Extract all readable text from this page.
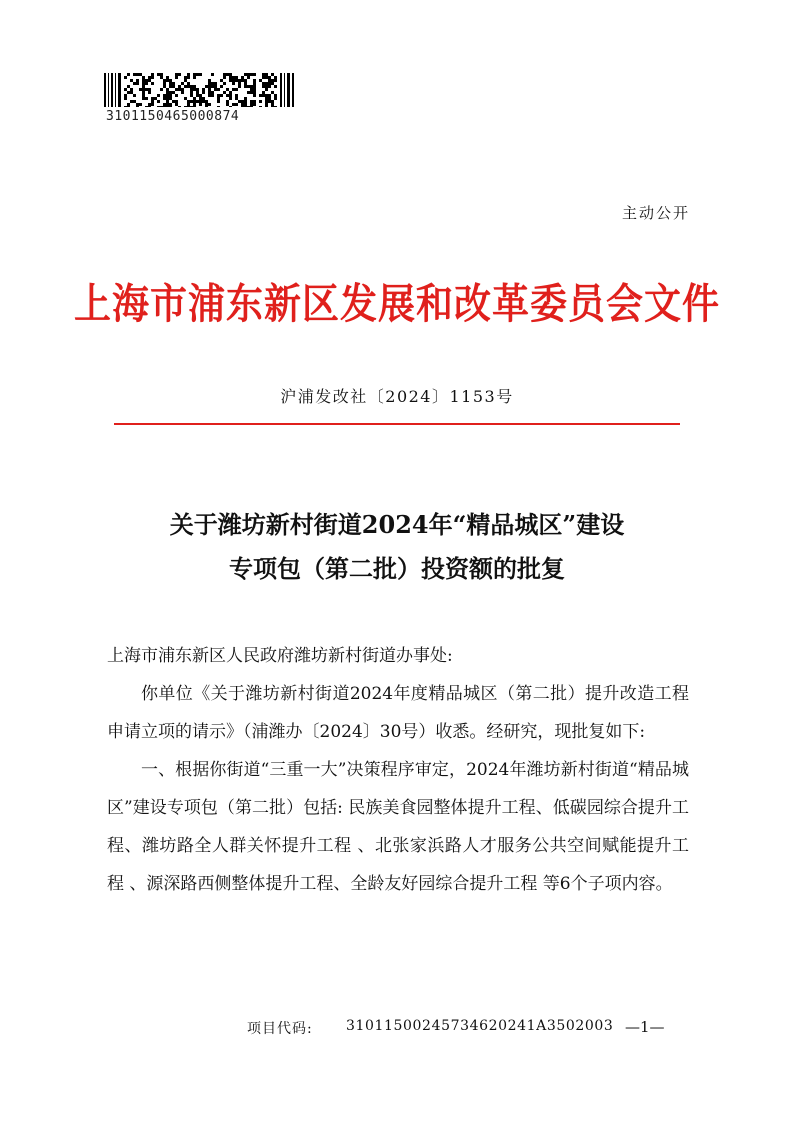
3101150465000874
主动公开
上海市浦东新区发展和改革委员会文件
沪浦发改社〔2024〕1153号
关于潍坊新村街道2024年“精品城区”建设
专项包（第二批）投资额的批复

上海市浦东新区人民政府潍坊新村街道办事处:

你单位《关于潍坊新村街道2024年度精品城区（第二批）提升改造工程申请立项的请示》（浦潍办〔2024〕30号）收悉。经研究，现批复如下:

一、根据你街道“三重一大”决策程序审定，2024年潍坊新村街道“精品城区”建设专项包（第二批）包括: 民族美食园整体提升工程、低碳园综合提升工程、潍坊路全人群关怀提升工程 、北张家浜路人才服务公共空间赋能提升工程 、源深路西侧整体提升工程、全龄友好园综合提升工程 等6个子项内容。

项目代码: 31011500245734620241A3502003 —1—
